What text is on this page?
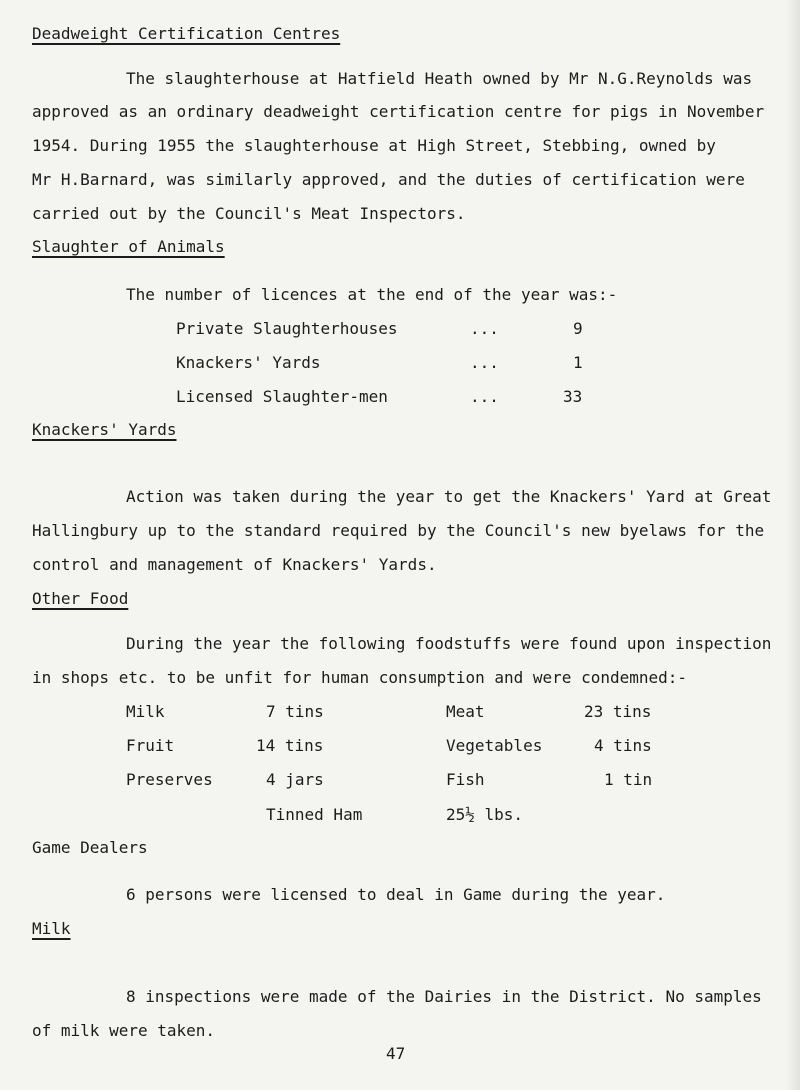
Deadweight Certification Centres
The slaughterhouse at Hatfield Heath owned by Mr N.G.Reynolds was
approved as an ordinary deadweight certification centre for pigs in November
1954. During 1955 the slaughterhouse at High Street, Stebbing, owned by
Mr H.Barnard, was similarly approved, and the duties of certification were
carried out by the Council's Meat Inspectors.
Slaughter of Animals
The number of licences at the end of the year was:-
Private Slaughterhouses	...	9
Knackers' Yards	...	1
Licensed Slaughter-men	...	33
Knackers' Yards
Action was taken during the year to get the Knackers' Yard at Great
Hallingbury up to the standard required by the Council's new byelaws for the
control and management of Knackers' Yards.
Other Food
During the year the following foodstuffs were found upon inspection
in shops etc. to be unfit for human consumption and were condemned:-
Milk	7 tins	Meat	23 tins
Fruit	14 tins	Vegetables	4 tins
Preserves	4 jars	Fish	1 tin
Tinned Ham	25½ lbs.
Game Dealers
6 persons were licensed to deal in Game during the year.
Milk
8 inspections were made of the Dairies in the District. No samples
of milk were taken.
47
